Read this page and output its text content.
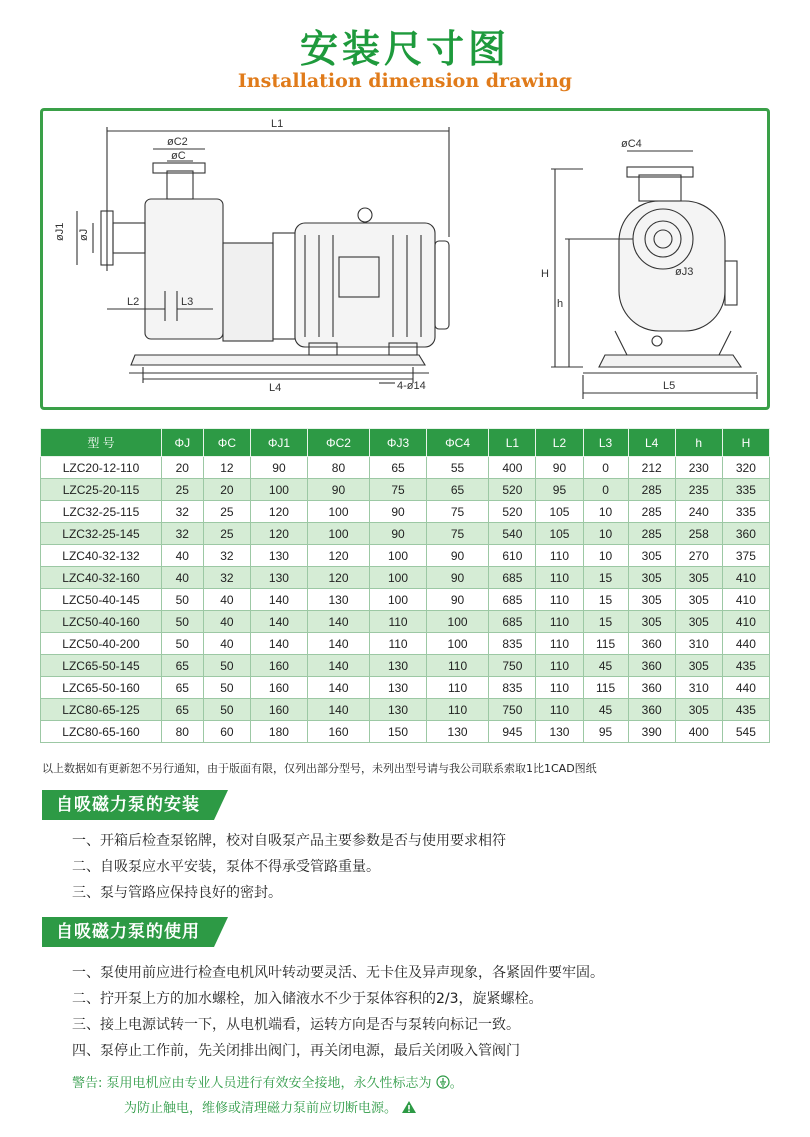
安装尺寸图
Installation dimension drawing
L1
øC2
øC
øJ1 øJ
L2	L3
L4	4-ø14
øC4
øJ3
H
h
L5
型 号	ΦJ	ΦC	ΦJ1	ΦC2	ΦJ3	ΦC4	L1	L2	L3	L4	h	H
LZC20-12-110	20	12	90	80	65	55	400	90	0	212	230	320
LZC25-20-115	25	20	100	90	75	65	520	95	0	285	235	335
LZC32-25-115	32	25	120	100	90	75	520	105	10	285	240	335
LZC32-25-145	32	25	120	100	90	75	540	105	10	285	258	360
LZC40-32-132	40	32	130	120	100	90	610	110	10	305	270	375
LZC40-32-160	40	32	130	120	100	90	685	110	15	305	305	410
LZC50-40-145	50	40	140	130	100	90	685	110	15	305	305	410
LZC50-40-160	50	40	140	140	110	100	685	110	15	305	305	410
LZC50-40-200	50	40	140	140	110	100	835	110	115	360	310	440
LZC65-50-145	65	50	160	140	130	110	750	110	45	360	305	435
LZC65-50-160	65	50	160	140	130	110	835	110	115	360	310	440
LZC80-65-125	65	50	160	140	130	110	750	110	45	360	305	435
LZC80-65-160	80	60	180	160	150	130	945	130	95	390	400	545
以上数据如有更新恕不另行通知，由于版面有限，仅列出部分型号，未列出型号请与我公司联系索取1比1CAD图纸
自吸磁力泵的安装
一、开箱后检查泵铭牌，校对自吸泵产品主要参数是否与使用要求相符
二、自吸泵应水平安装，泵体不得承受管路重量。
三、泵与管路应保持良好的密封。
自吸磁力泵的使用
一、泵使用前应进行检查电机风叶转动要灵活、无卡住及异声现象，各紧固件要牢固。
二、拧开泵上方的加水螺栓，加入储液水不少于泵体容积的2/3，旋紧螺栓。
三、接上电源试转一下，从电机端看，运转方向是否与泵转向标记一致。
四、泵停止工作前，先关闭排出阀门，再关闭电源，最后关闭吸入管阀门
警告: 泵用电机应由专业人员进行有效安全接地，永久性标志为 。
为防止触电，维修或清理磁力泵前应切断电源。
